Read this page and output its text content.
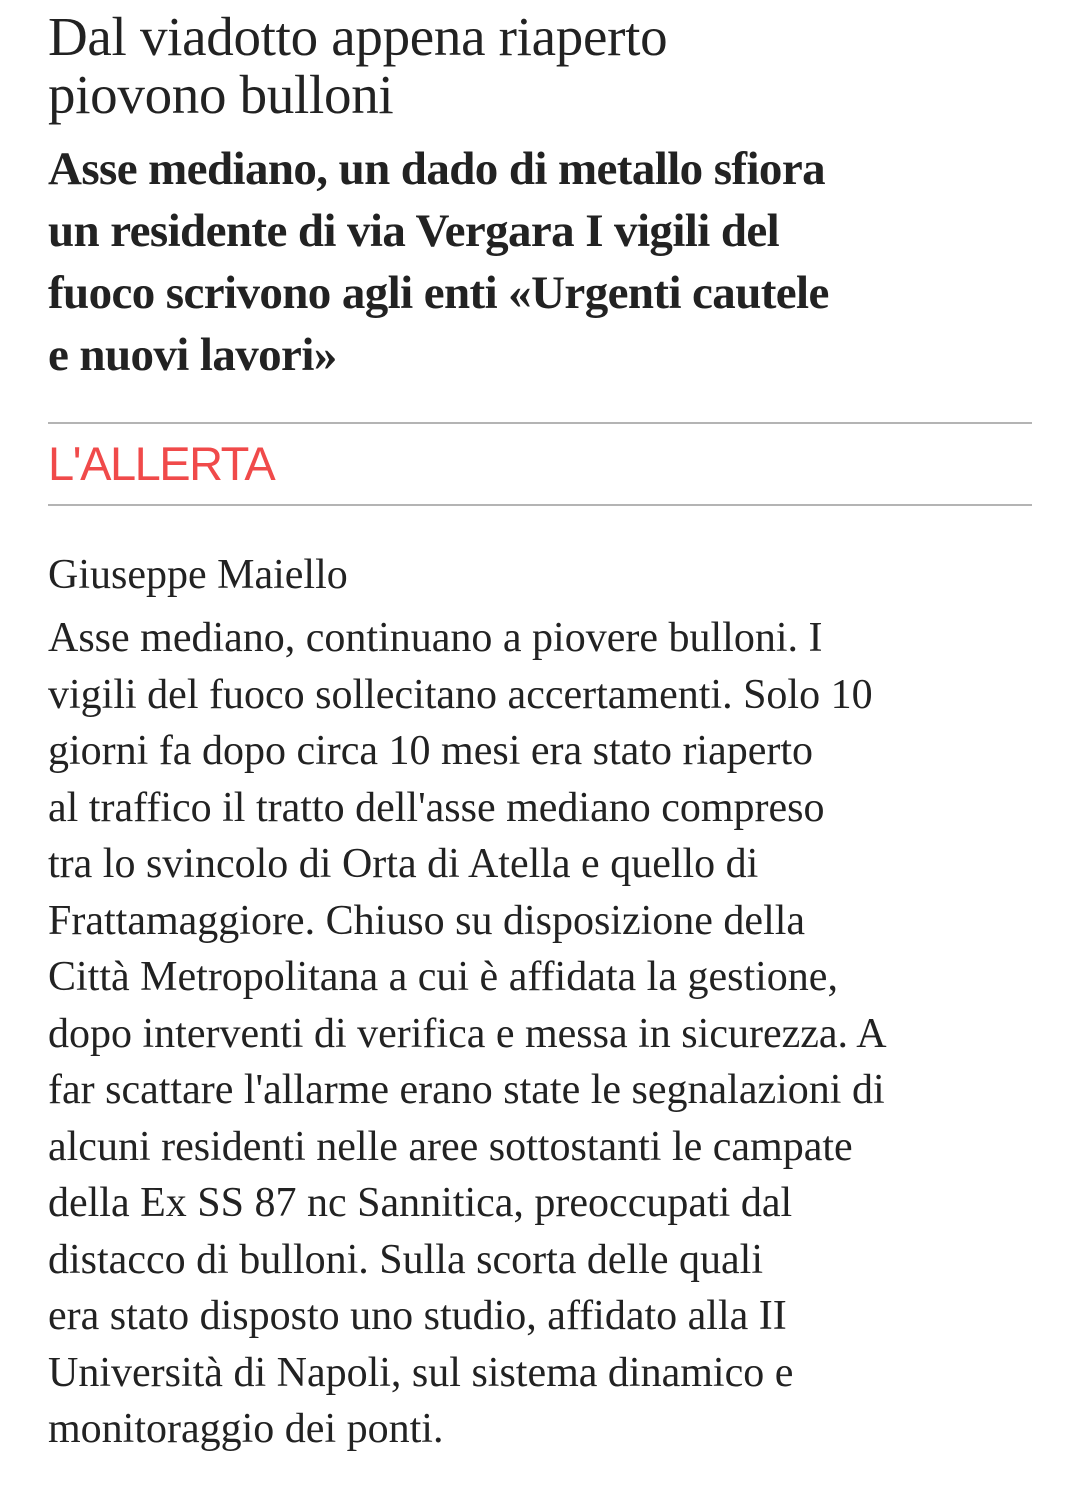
Dal viadotto appena riaperto
piovono bulloni
Asse mediano, un dado di metallo sfiora
un residente di via Vergara I vigili del
fuoco scrivono agli enti «Urgenti cautele
e nuovi lavori»
L'ALLERTA

Giuseppe Maiello

Asse mediano, continuano a piovere bulloni. I
vigili del fuoco sollecitano accertamenti. Solo 10
giorni fa dopo circa 10 mesi era stato riaperto
al traffico il tratto dell'asse mediano compreso
tra lo svincolo di Orta di Atella e quello di
Frattamaggiore. Chiuso su disposizione della
Città Metropolitana a cui è affidata la gestione,
dopo interventi di verifica e messa in sicurezza. A
far scattare l'allarme erano state le segnalazioni di
alcuni residenti nelle aree sottostanti le campate
della Ex SS 87 nc Sannitica, preoccupati dal
distacco di bulloni. Sulla scorta delle quali
era stato disposto uno studio, affidato alla II
Università di Napoli, sul sistema dinamico e
monitoraggio dei ponti.
